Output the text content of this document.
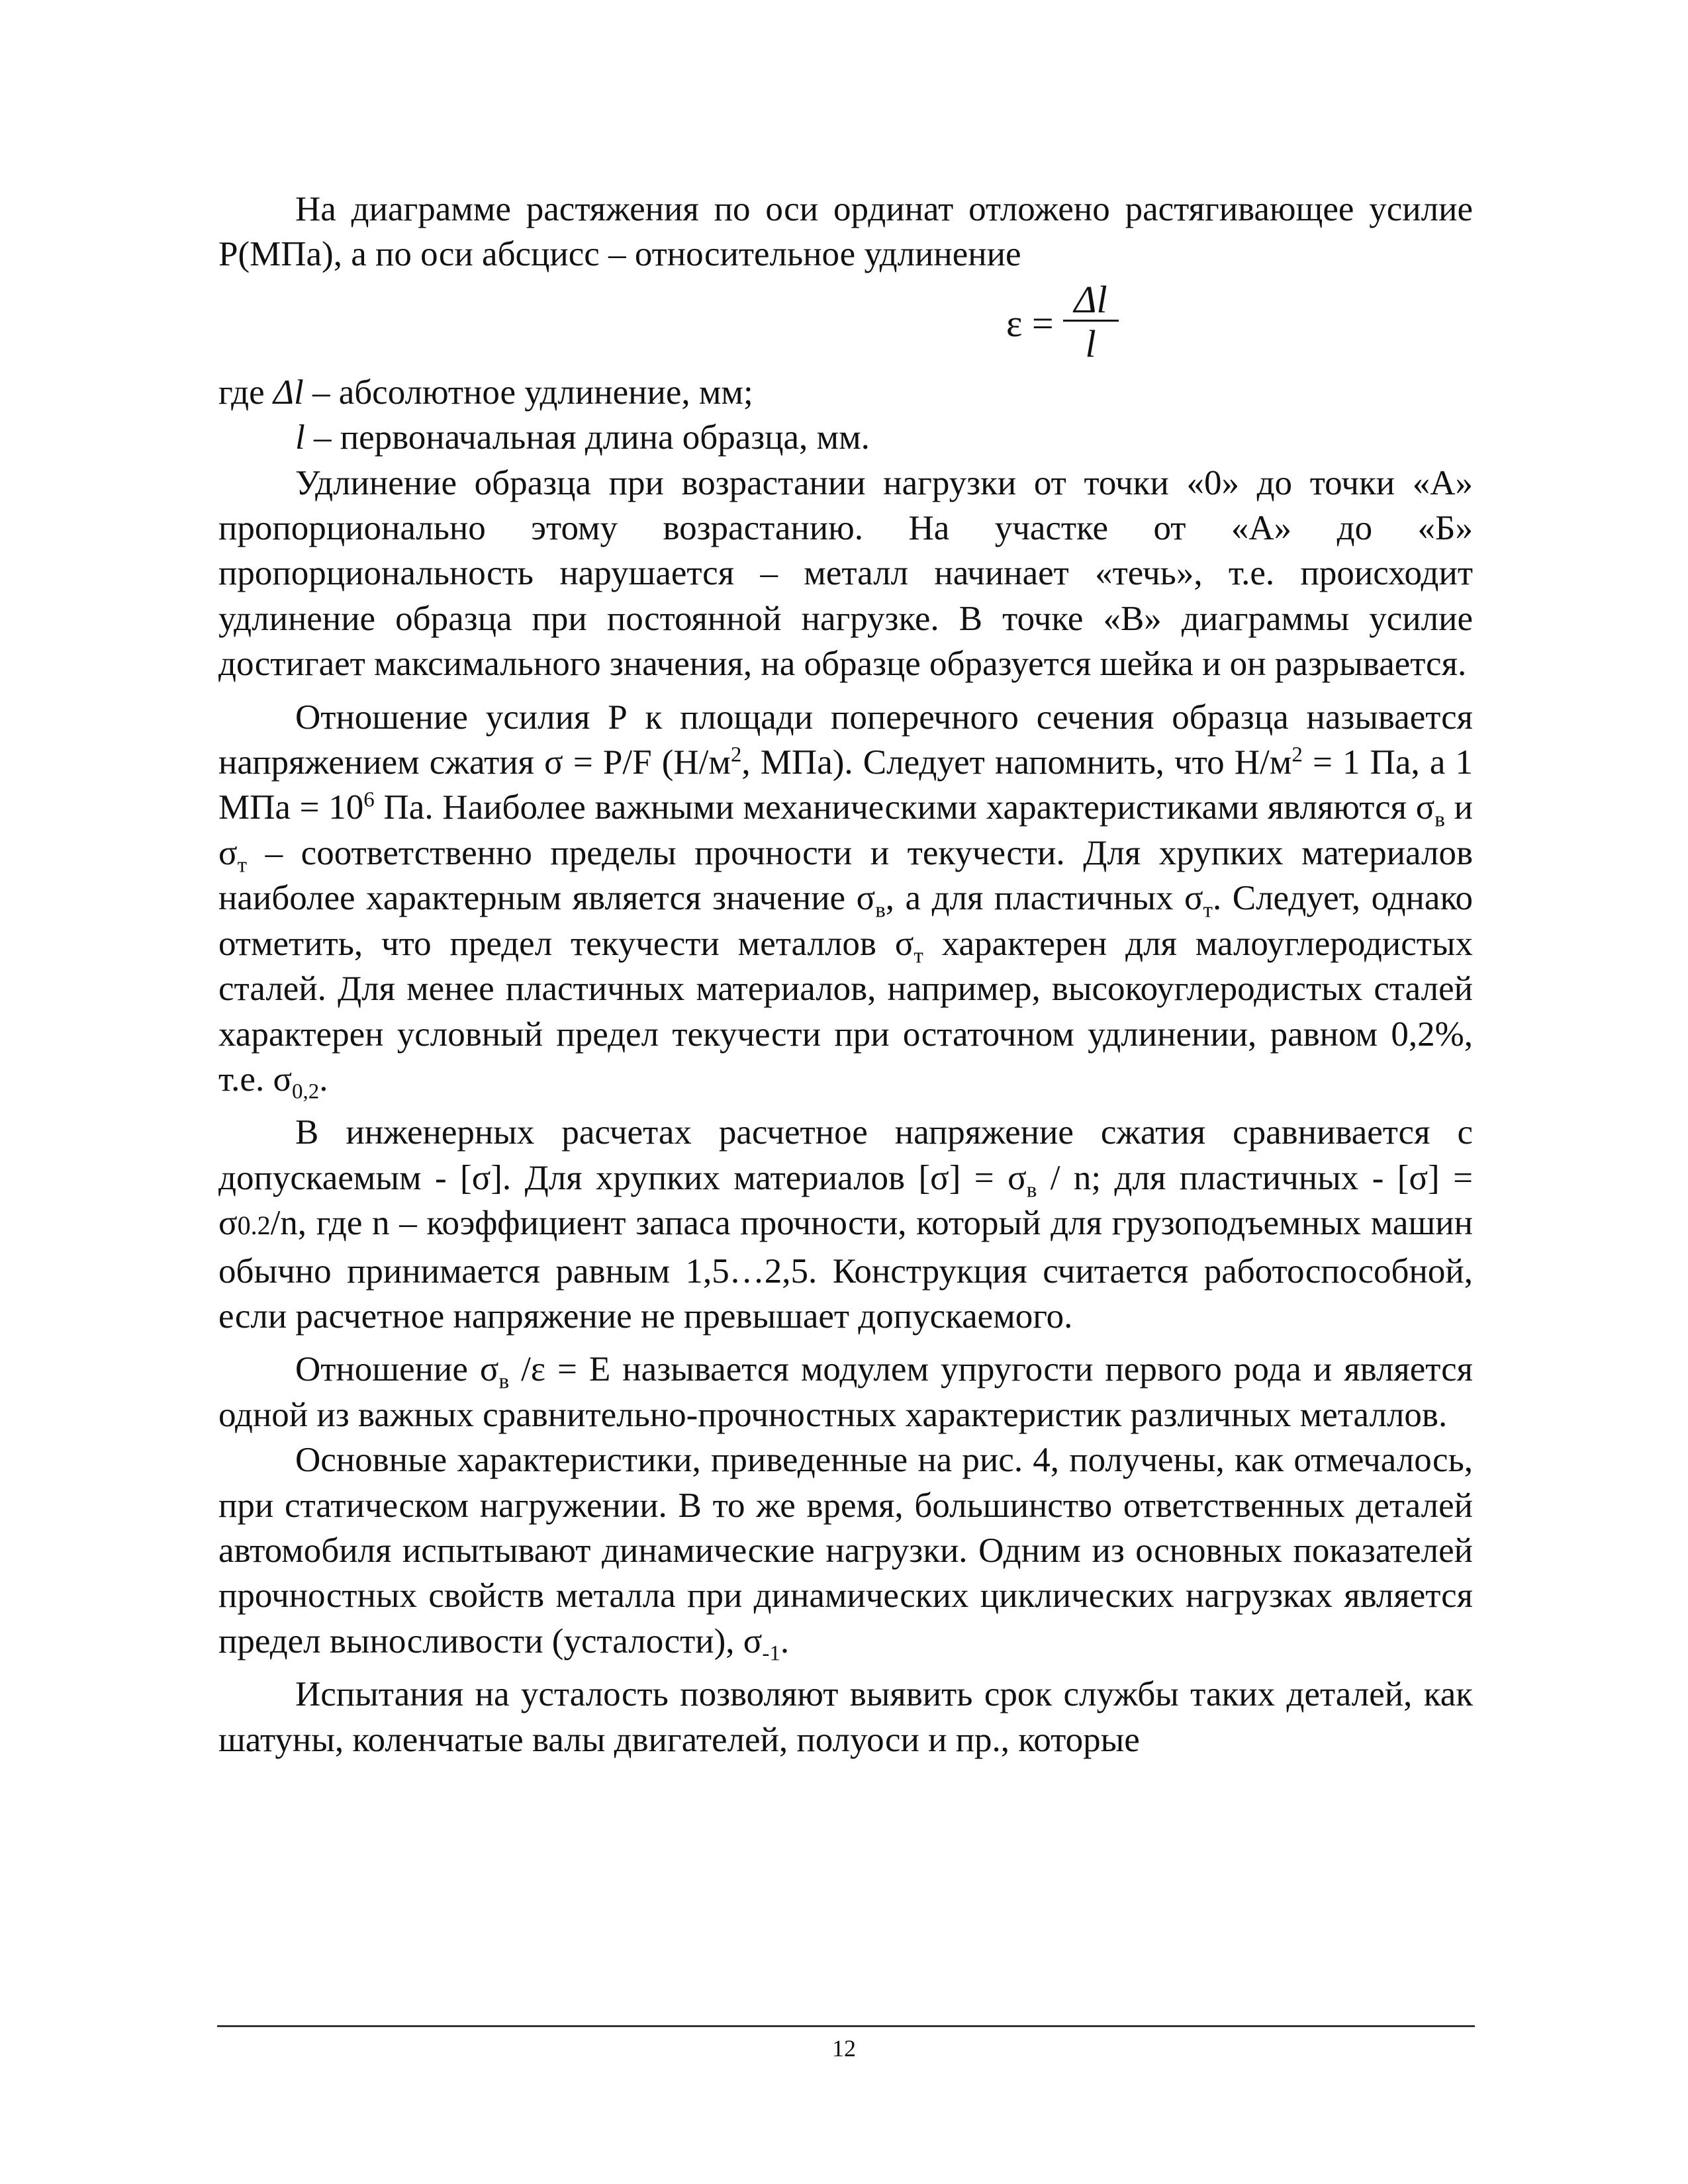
На диаграмме растяжения по оси ординат отложено растягивающее усилие Р(МПа), а по оси абсцисс – относительное удлинение

$\varepsilon = \frac{\Delta l}{l}$

где Δl – абсолютное удлинение, мм;

l – первоначальная длина образца, мм.

Удлинение образца при возрастании нагрузки от точки «0» до точки «А» пропорционально этому возрастанию. На участке от «А» до «Б» пропорциональность нарушается – металл начинает «течь», т.е. происходит удлинение образца при постоянной нагрузке. В точке «В» диаграммы усилие достигает максимального значения, на образце образуется шейка и он разрывается.

Отношение усилия Р к площади поперечного сечения образца называется напряжением сжатия σ = Р/F ($Н/м^2$, МПа). Следует напомнить, что $Н/м^2 = 1$ Па, а 1 МПа = $10^6$ Па. Наиболее важными механическими характеристиками являются $\sigma_в$ и $\sigma_т$ – соответственно пределы прочности и текучести. Для хрупких материалов наиболее характерным является значение $\sigma_в$, а для пластичных $\sigma_т$. Следует, однако отметить, что предел текучести металлов $\sigma_т$ характерен для малоуглеродистых сталей. Для менее пластичных материалов, например, высокоуглеродистых сталей характерен условный предел текучести при остаточном удлинении, равном 0,2%, т.е. $\sigma_{0,2}$.

В инженерных расчетах расчетное напряжение сжатия сравнивается с допускаемым - [σ]. Для хрупких материалов $[\sigma] = \sigma_в / n$; для пластичных - [σ] = σ0.2/n, где n – коэффициент запаса прочности, который для грузоподъемных машин обычно принимается равным 1,5…2,5. Конструкция считается работоспособной, если расчетное напряжение не превышает допускаемого.

Отношение $\sigma_в$ /ε = Е называется модулем упругости первого рода и является одной из важных сравнительно-прочностных характеристик различных металлов.

Основные характеристики, приведенные на рис. 4, получены, как отмечалось, при статическом нагружении. В то же время, большинство ответственных деталей автомобиля испытывают динамические нагрузки. Одним из основных показателей прочностных свойств металла при динамических циклических нагрузках является предел выносливости (усталости), $\sigma_{-1}$.

Испытания на усталость позволяют выявить срок службы таких деталей, как шатуны, коленчатые валы двигателей, полуоси и пр., которые

12
